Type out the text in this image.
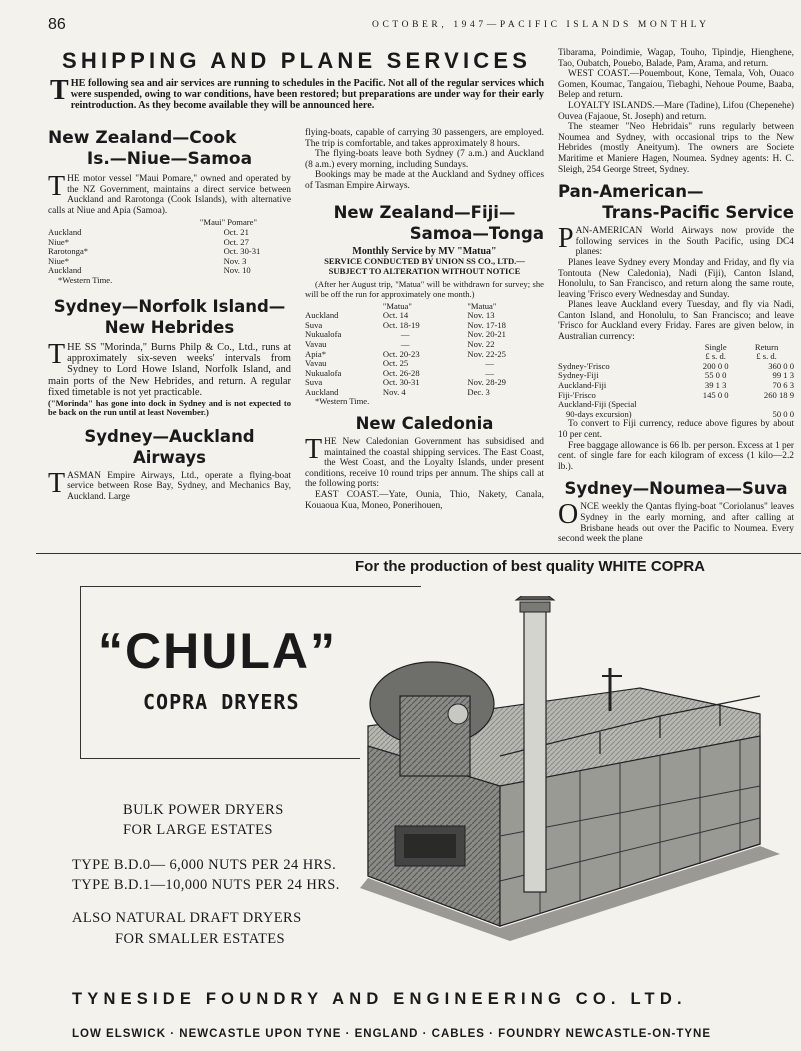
86	OCTOBER, 1947—PACIFIC ISLANDS MONTHLY
SHIPPING AND PLANE SERVICES
THE following sea and air services are running to schedules in the Pacific. Not all of the regular services which were suspended, owing to war conditions, have been restored; but preparations are under way for their early reintroduction. As they become available they will be announced here.
New Zealand—Cook
Is.—Niue—Samoa

THE motor vessel "Maui Pomare," owned and operated by the NZ Government, maintains a direct service between Auckland and Rarotonga (Cook Islands), with alternative calls at Niue and Apia (Samoa).

"Maui" Pomare"
Auckland	Oct. 21
Niue*	Oct. 27
Rarotonga*	Oct. 30-31
Niue*	Nov. 3
Auckland	Nov. 10
*Western Time.
Sydney—Norfolk Island—
New Hebrides

THE SS "Morinda," Burns Philp & Co., Ltd., runs at approximately six-seven weeks' intervals from Sydney to Lord Howe Island, Norfolk Island, and main ports of the New Hebrides, and return. A regular fixed timetable is not yet practicable.

("Morinda" has gone into dock in Sydney and is not expected to be back on the run until at least November.)

Sydney—Auckland
Airways

TASMAN Empire Airways, Ltd., operate a flying-boat service between Rose Bay, Sydney, and Mechanics Bay, Auckland. Large

flying-boats, capable of carrying 30 passengers, are employed. The trip is comfortable, and takes approximately 8 hours.

The flying-boats leave both Sydney (7 a.m.) and Auckland (8 a.m.) every morning, including Sundays.

Bookings may be made at the Auckland and Sydney offices of Tasman Empire Airways.

New Zealand—Fiji—
Samoa—Tonga
Monthly Service by MV "Matua"

SERVICE CONDUCTED BY UNION SS CO., LTD.—SUBJECT TO ALTERATION WITHOUT NOTICE

(After her August trip, "Matua" will be withdrawn for survey; she will be off the run for approximately one month.)

	"Matua"	"Matua"
Auckland	Oct. 14	Nov. 13
Suva	Oct. 18-19	Nov. 17-18
Nukualofa	—	Nov. 20-21
Vavau	—	Nov. 22
Apia*	Oct. 20-23	Nov. 22-25
Vavau	Oct. 25	—
Nukualofa	Oct. 26-28	—
Suva	Oct. 30-31	Nov. 28-29
Auckland	Nov. 4	Dec. 3
*Western Time.
New Caledonia

THE New Caledonian Government has subsidised and maintained the coastal shipping services. The East Coast, the West Coast, and the Loyalty Islands, under present conditions, receive 10 round trips per annum. The ships call at the following ports:

EAST COAST.—Yate, Ounia, Thio, Nakety, Canala, Kouaoua Kua, Moneo, Ponerihouen,

Tibarama, Poindimie, Wagap, Touho, Tipindje, Hienghene, Tao, Oubatch, Pouebo, Balade, Pam, Arama, and return.

WEST COAST.—Pouembout, Kone, Temala, Voh, Ouaco Gomen, Koumac, Tangaiou, Tiebaghi, Nehoue Poume, Baaba, Belep and return.

LOYALTY ISLANDS.—Mare (Tadine), Lifou (Chepenehe) Ouvea (Fajaoue, St. Joseph) and return.

The steamer "Neo Hebridais" runs regularly between Noumea and Sydney, with occasional trips to the New Hebrides (mostly Aneityum). The owners are Societe Maritime et Maniere Hagen, Noumea. Sydney agents: H. C. Sleigh, 254 George Street, Sydney.

Pan-American—
Trans-Pacific Service

PAN-AMERICAN World Airways now provide the following services in the South Pacific, using DC4 planes:

Planes leave Sydney every Monday and Friday, and fly via Tontouta (New Caledonia), Nadi (Fiji), Canton Island, Honolulu, to San Francisco, and return along the same route, leaving 'Frisco every Wednesday and Sunday.

Planes leave Auckland every Tuesday, and fly via Nadi, Canton Island, and Honolulu, to San Francisco; and leave 'Frisco for Auckland every Friday. Fares are given below, in Australian currency:

	Single	Return
	£ s. d.	£ s. d.
Sydney-'Frisco	200 0 0	360 0 0
Sydney-Fiji	55 0 0	99 1 3
Auckland-Fiji	39 1 3	70 6 3
Fiji-'Frisco	145 0 0	260 18 9
Auckland-Fiji (Special		
90-days excursion)		50 0 0

To convert to Fiji currency, reduce above figures by about 10 per cent.

Free baggage allowance is 66 lb. per person. Excess at 1 per cent. of single fare for each kilogram of excess (1 kilo—2.2 lb.).

Sydney—Noumea—Suva

ONCE weekly the Qantas flying-boat "Coriolanus" leaves Sydney in the early morning, and after calling at Brisbane heads out over the Pacific to Noumea. Every second week the plane

For the production of best quality WHITE COPRA
“CHULA”
COPRA DRYERS
BULK POWER DRYERS
FOR LARGE ESTATES
TYPE B.D.0— 6,000 NUTS PER 24 HRS.
TYPE B.D.1—10,000 NUTS PER 24 HRS.
ALSO NATURAL DRAFT DRYERS
FOR SMALLER ESTATES
TYNESIDE FOUNDRY AND ENGINEERING CO. LTD.
LOW ELSWICK · NEWCASTLE UPON TYNE · ENGLAND · CABLES · FOUNDRY NEWCASTLE-ON-TYNE
